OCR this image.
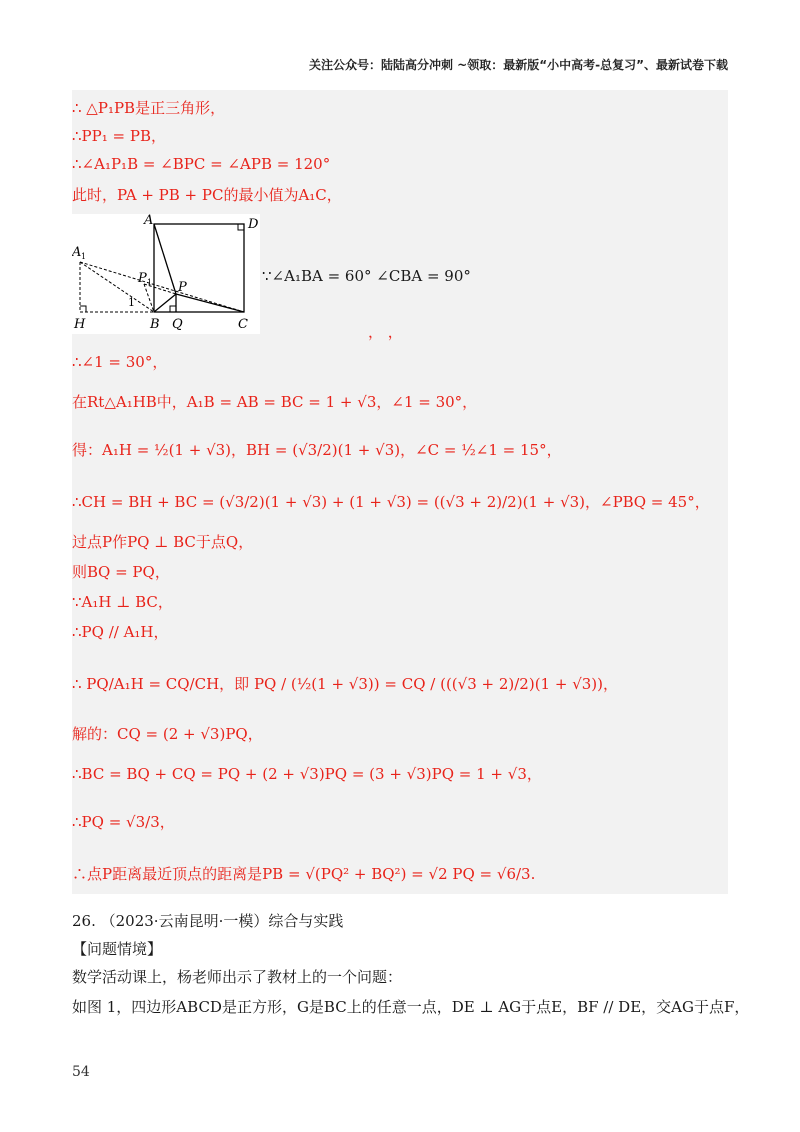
关注公众号：陆陆高分冲刺 ~领取：最新版“小中高考-总复习”、最新试卷下载
∴ △P₁PB是正三角形，
∴PP₁ = PB，
∴∠A₁P₁B = ∠BPC = ∠APB = 120°
此时，PA + PB + PC的最小值为A₁C，
A	D
A 1
P 1 P
1
H	B Q	C
∵∠A₁BA = 60° ∠CBA = 90°
， ，
∴∠1 = 30°，
在Rt△A₁HB中，A₁B = AB = BC = 1 + √3，∠1 = 30°，
得：A₁H = ½(1 + √3)，BH = (√3/2)(1 + √3)，∠C = ½∠1 = 15°，
∴CH = BH + BC = (√3/2)(1 + √3) + (1 + √3) = ((√3 + 2)/2)(1 + √3)，∠PBQ = 45°，
过点P作PQ ⊥ BC于点Q，
则BQ = PQ，
∵A₁H ⊥ BC，
∴PQ // A₁H，
∴ PQ/A₁H = CQ/CH，即 PQ / (½(1 + √3)) = CQ / (((√3 + 2)/2)(1 + √3))，
解的：CQ = (2 + √3)PQ，
∴BC = BQ + CQ = PQ + (2 + √3)PQ = (3 + √3)PQ = 1 + √3，
∴PQ = √3/3，
∴点P距离最近顶点的距离是PB = √(PQ² + BQ²) = √2 PQ = √6/3.
26. （2023·云南昆明·一模）综合与实践
【问题情境】
数学活动课上，杨老师出示了教材上的一个问题：
如图 1，四边形ABCD是正方形，G是BC上的任意一点，DE ⊥ AG于点E，BF // DE，交AG于点F，
54
